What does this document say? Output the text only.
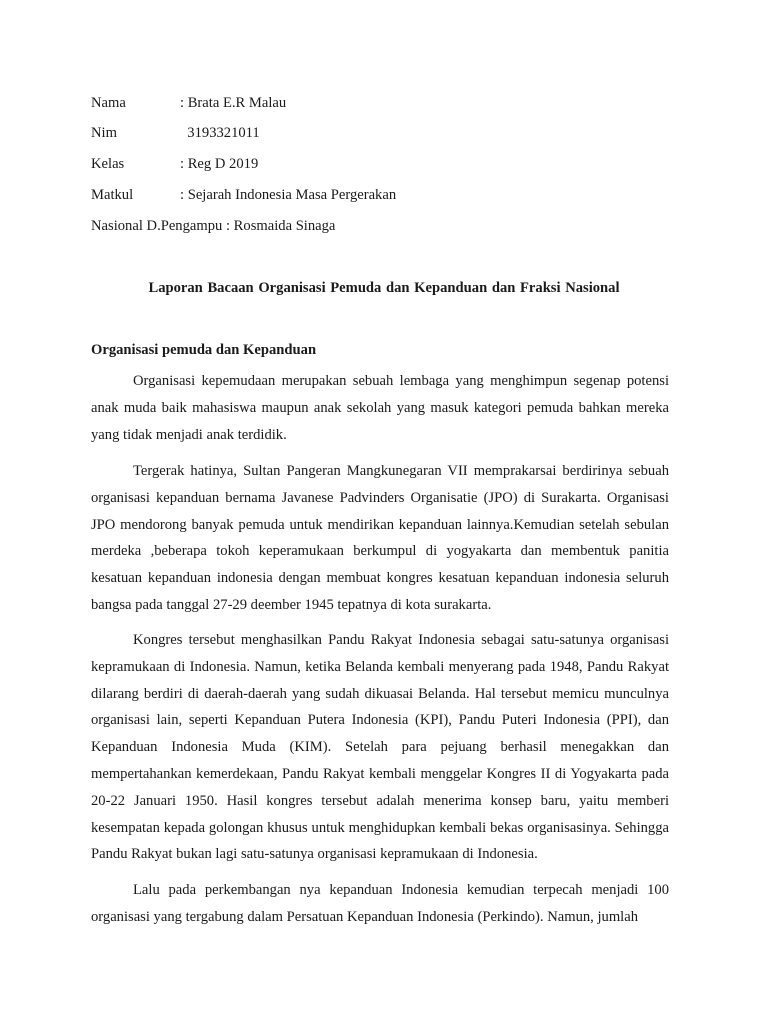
Nama	: Brata E.R Malau
Nim	3193321011
Kelas	: Reg D 2019
Matkul	: Sejarah Indonesia Masa Pergerakan
Nasional D.Pengampu : Rosmaida Sinaga
Laporan Bacaan Organisasi Pemuda dan Kepanduan dan Fraksi Nasional
Organisasi pemuda dan Kepanduan

Organisasi kepemudaan merupakan sebuah lembaga yang menghimpun segenap potensi anak muda baik mahasiswa maupun anak sekolah yang masuk kategori pemuda bahkan mereka yang tidak menjadi anak terdidik.

Tergerak hatinya, Sultan Pangeran Mangkunegaran VII memprakarsai berdirinya sebuah organisasi kepanduan bernama Javanese Padvinders Organisatie (JPO) di Surakarta. Organisasi JPO mendorong banyak pemuda untuk mendirikan kepanduan lainnya.Kemudian setelah sebulan merdeka ,beberapa tokoh keperamukaan berkumpul di yogyakarta dan membentuk panitia kesatuan kepanduan indonesia dengan membuat kongres kesatuan kepanduan indonesia seluruh bangsa pada tanggal 27-29 deember 1945 tepatnya di kota surakarta.

Kongres tersebut menghasilkan Pandu Rakyat Indonesia sebagai satu-satunya organisasi kepramukaan di Indonesia. Namun, ketika Belanda kembali menyerang pada 1948, Pandu Rakyat dilarang berdiri di daerah-daerah yang sudah dikuasai Belanda. Hal tersebut memicu munculnya organisasi lain, seperti Kepanduan Putera Indonesia (KPI), Pandu Puteri Indonesia (PPI), dan Kepanduan Indonesia Muda (KIM). Setelah para pejuang berhasil menegakkan dan mempertahankan kemerdekaan, Pandu Rakyat kembali menggelar Kongres II di Yogyakarta pada 20-22 Januari 1950. Hasil kongres tersebut adalah menerima konsep baru, yaitu memberi kesempatan kepada golongan khusus untuk menghidupkan kembali bekas organisasinya. Sehingga Pandu Rakyat bukan lagi satu-satunya organisasi kepramukaan di Indonesia.

Lalu pada perkembangan nya kepanduan Indonesia kemudian terpecah menjadi 100 organisasi yang tergabung dalam Persatuan Kepanduan Indonesia (Perkindo). Namun, jumlah
